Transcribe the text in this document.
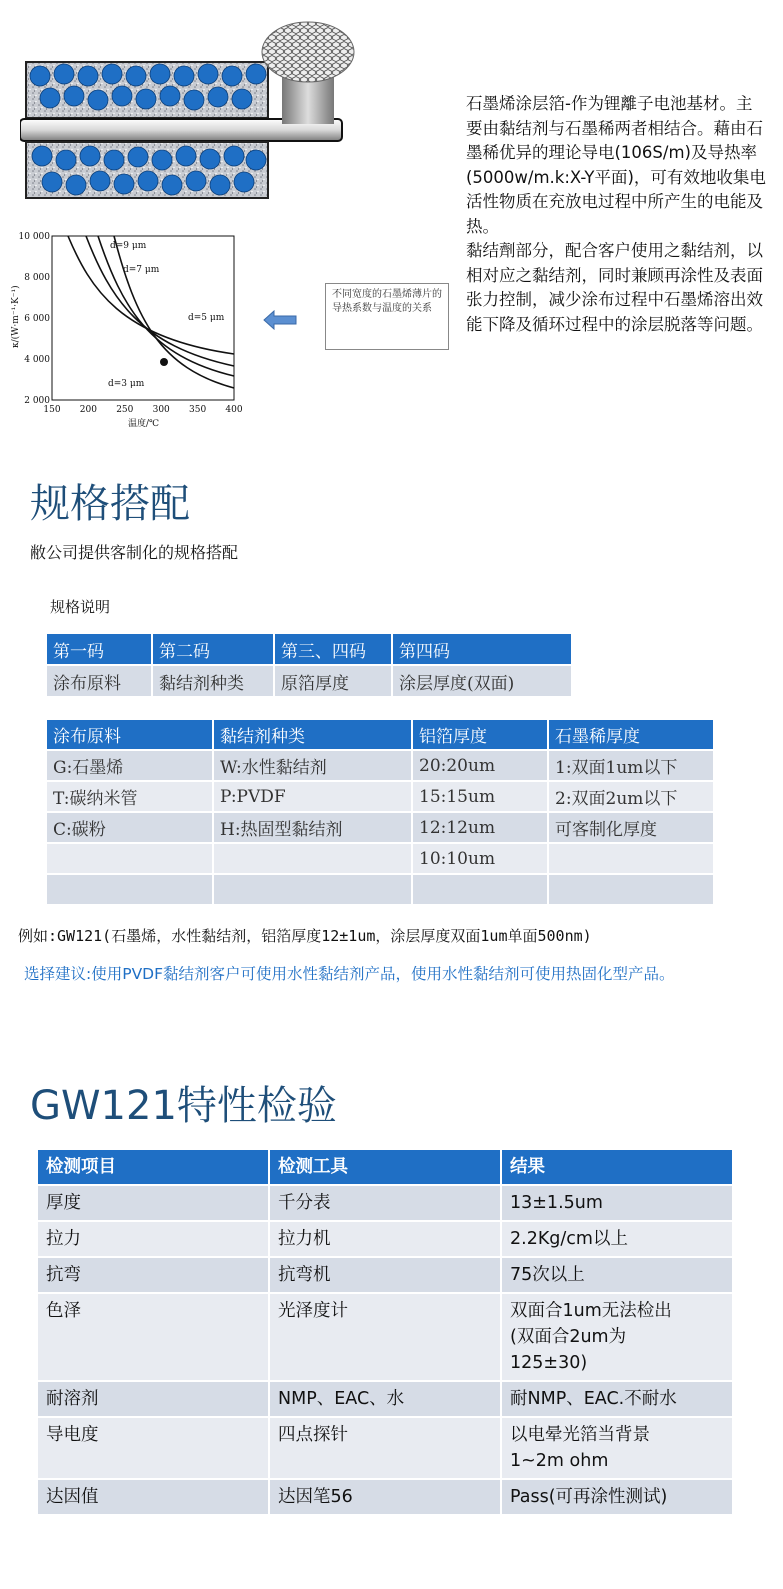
10 000
8 000
6 000
4 000
2 000
150 200 250 300 350 400
d=9 μm
d=7 μm
d=5 μm
d=3 μm
温度/℃
κ/(W·m⁻¹·K⁻¹)	不同宽度的石墨烯薄片的导热系数与温度的关系

石墨烯涂层箔-作为锂離子电池基材。主要由黏结剂与石墨稀两者相结合。藉由石墨稀优异的理论导电(106S/m)及导热率(5000w/m.k:X-Y平面)，可有效地收集电活性物质在充放电过程中所产生的电能及热。

黏结劑部分，配合客户使用之黏结剂，以相对应之黏结剂，同时兼顾再涂性及表面张力控制，减少涂布过程中石墨烯溶出效能下降及循环过程中的涂层脱落等问题。

规格搭配
敝公司提供客制化的规格搭配
规格说明
第一码	第二码	第三、四码	第四码
涂布原料	黏结剂种类	原箔厚度	涂层厚度(双面)
涂布原料	黏结剂种类	铝箔厚度	石墨稀厚度
G:石墨烯	W:水性黏结剂	20:20um	1:双面1um以下
T:碳纳米管	P:PVDF	15:15um	2:双面2um以下
C:碳粉	H:热固型黏结剂	12:12um	可客制化厚度
		10:10um	

例如:GW121(石墨烯，水性黏结剂，铝箔厚度12±1um，涂层厚度双面1um单面500nm)
选择建议:使用PVDF黏结剂客户可使用水性黏结剂产品，使用水性黏结剂可使用热固化型产品。
GW121特性检验
检测项目	检测工具	结果
厚度	千分表	13±1.5um
拉力	拉力机	2.2Kg/cm以上
抗弯	抗弯机	75次以上
色泽	光泽度计	双面合1um无法检出
(双面合2um为
125±30)
耐溶剂	NMP、EAC、水	耐NMP、EAC.不耐水
导电度	四点探针	以电晕光箔当背景
1~2m ohm
达因值	达因笔56	Pass(可再涂性测试)
